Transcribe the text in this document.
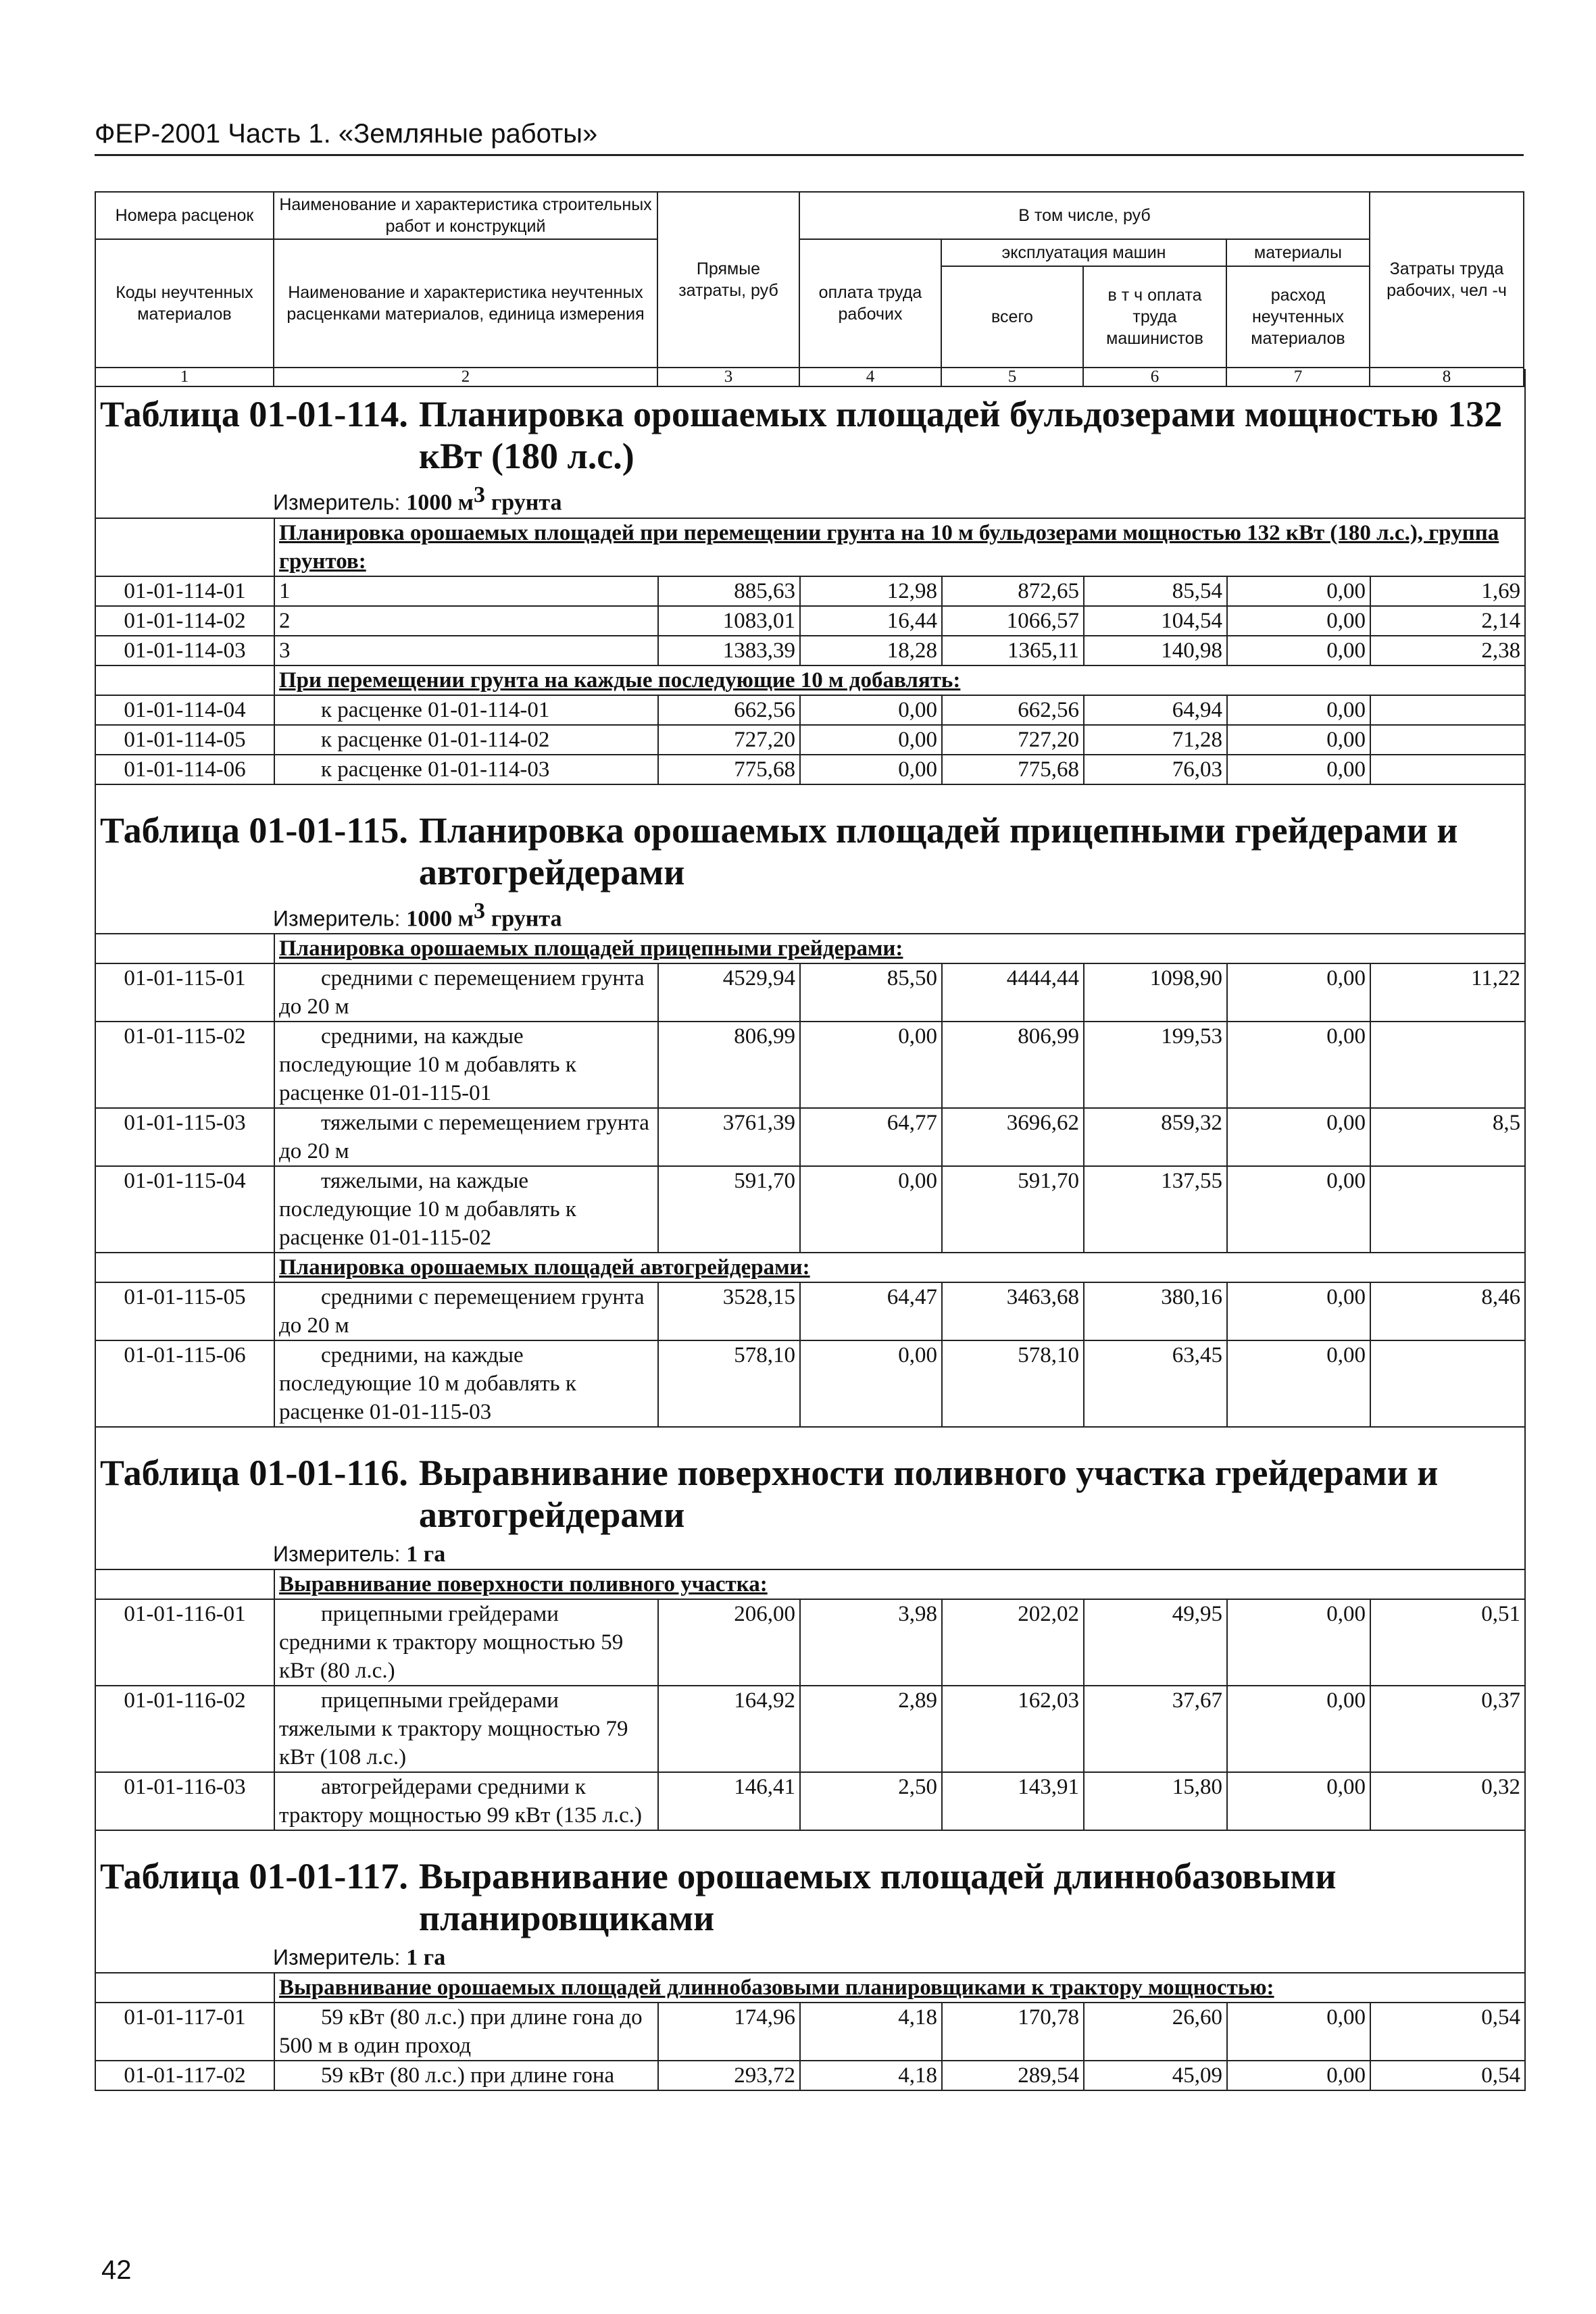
ФЕР-2001 Часть 1. «Земляные работы»
Номера расценок	Наименование и характеристика строительных работ и конструкций	Прямые затраты, руб	В том числе, руб				Затраты труда рабочих, чел -ч
Коды неучтенных материалов	Наименование и характеристика неучтенных расценками материалов, единица измерения		оплата труда рабочих	эксплуатация машин		материалы	
				всего	в т ч оплата труда машинистов	расход неучтенных материалов	
1	2	3	4	5	6	7	8
Таблица 01-01-114. Планировка орошаемых площадей бульдозерами мощностью 132 кВт (180 л.с.)
Измеритель: 1000 $м^3$ грунта
	Планировка орошаемых площадей при перемещении грунта на 10 м бульдозерами мощностью 132 кВт (180 л.с.), группа грунтов:						
01-01-114-01	1	885,63	12,98	872,65	85,54	0,00	1,69
01-01-114-02	2	1083,01	16,44	1066,57	104,54	0,00	2,14
01-01-114-03	3	1383,39	18,28	1365,11	140,98	0,00	2,38
	При перемещении грунта на каждые последующие 10 м добавлять:						
01-01-114-04	к расценке 01-01-114-01	662,56	0,00	662,56	64,94	0,00	
01-01-114-05	к расценке 01-01-114-02	727,20	0,00	727,20	71,28	0,00	
01-01-114-06	к расценке 01-01-114-03	775,68	0,00	775,68	76,03	0,00	
Таблица 01-01-115. Планировка орошаемых площадей прицепными грейдерами и автогрейдерами
Измеритель: 1000 $м^3$ грунта
	Планировка орошаемых площадей прицепными грейдерами:						
01-01-115-01	средними с перемещением грунта до 20 м	4529,94	85,50	4444,44	1098,90	0,00	11,22
01-01-115-02	средними, на каждые последующие 10 м добавлять к расценке 01-01-115-01	806,99	0,00	806,99	199,53	0,00	
01-01-115-03	тяжелыми с перемещением грунта до 20 м	3761,39	64,77	3696,62	859,32	0,00	8,5
01-01-115-04	тяжелыми, на каждые последующие 10 м добавлять к расценке 01-01-115-02	591,70	0,00	591,70	137,55	0,00	
	Планировка орошаемых площадей автогрейдерами:						
01-01-115-05	средними с перемещением грунта до 20 м	3528,15	64,47	3463,68	380,16	0,00	8,46
01-01-115-06	средними, на каждые последующие 10 м добавлять к расценке 01-01-115-03	578,10	0,00	578,10	63,45	0,00	
Таблица 01-01-116. Выравнивание поверхности поливного участка грейдерами и автогрейдерами
Измеритель: 1 га
	Выравнивание поверхности поливного участка:						
01-01-116-01	прицепными грейдерами средними к трактору мощностью 59 кВт (80 л.с.)	206,00	3,98	202,02	49,95	0,00	0,51
01-01-116-02	прицепными грейдерами тяжелыми к трактору мощностью 79 кВт (108 л.с.)	164,92	2,89	162,03	37,67	0,00	0,37
01-01-116-03	автогрейдерами средними к трактору мощностью 99 кВт (135 л.с.)	146,41	2,50	143,91	15,80	0,00	0,32
Таблица 01-01-117. Выравнивание орошаемых площадей длиннобазовыми планировщиками
Измеритель: 1 га
	Выравнивание орошаемых площадей длиннобазовыми планировщиками к трактору мощностью:						
01-01-117-01	59 кВт (80 л.с.) при длине гона до 500 м в один проход	174,96	4,18	170,78	26,60	0,00	0,54
01-01-117-02	59 кВт (80 л.с.) при длине гона	293,72	4,18	289,54	45,09	0,00	0,54
42
